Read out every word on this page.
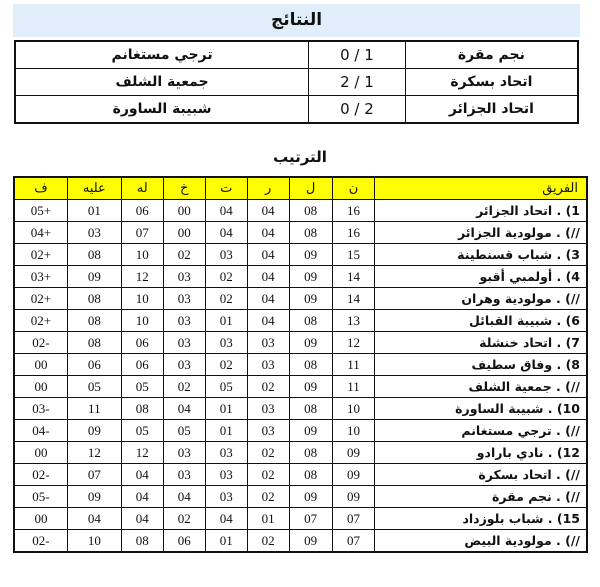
النتائج
نجم مقرة	0 / 1	ترجي مستغانم
اتحاد بسكرة	2 / 1	جمعية الشلف
اتحاد الجزائر	0 / 2	شبيبة الساورة
الترتيب
الفريق	ن	ل	ر	ت	خ	له	عليه	ف
1) . اتحاد الجزائر	16	08	04	04	00	06	01	05+
//) . مولودية الجزائر	16	08	04	04	00	07	03	04+
3) . شباب قسنطينة	15	09	04	03	02	10	08	02+
4) . أولمبي أقبو	14	09	04	02	03	12	09	03+
//) . مولودية وهران	14	09	04	02	03	10	08	02+
6) . شبيبة القبائل	13	08	04	01	03	10	08	02+
7) . اتحاد خنشلة	12	09	03	03	03	06	08	02-
8) . وفاق سطيف	11	08	03	02	03	06	06	00
//) . جمعية الشلف	11	09	02	05	02	05	05	00
10) . شبيبة الساورة	10	08	03	01	04	08	11	03-
//) . ترجي مستغانم	10	09	03	01	05	05	09	04-
12) . نادي بارادو	09	08	02	03	03	12	12	00
//) . اتحاد بسكرة	09	08	02	03	03	04	07	02-
//) . نجم مقرة	09	09	02	03	04	04	09	05-
15) . شباب بلوزداد	07	07	01	04	02	04	04	00
//) . مولودية البيض	07	09	02	01	06	08	10	02-
